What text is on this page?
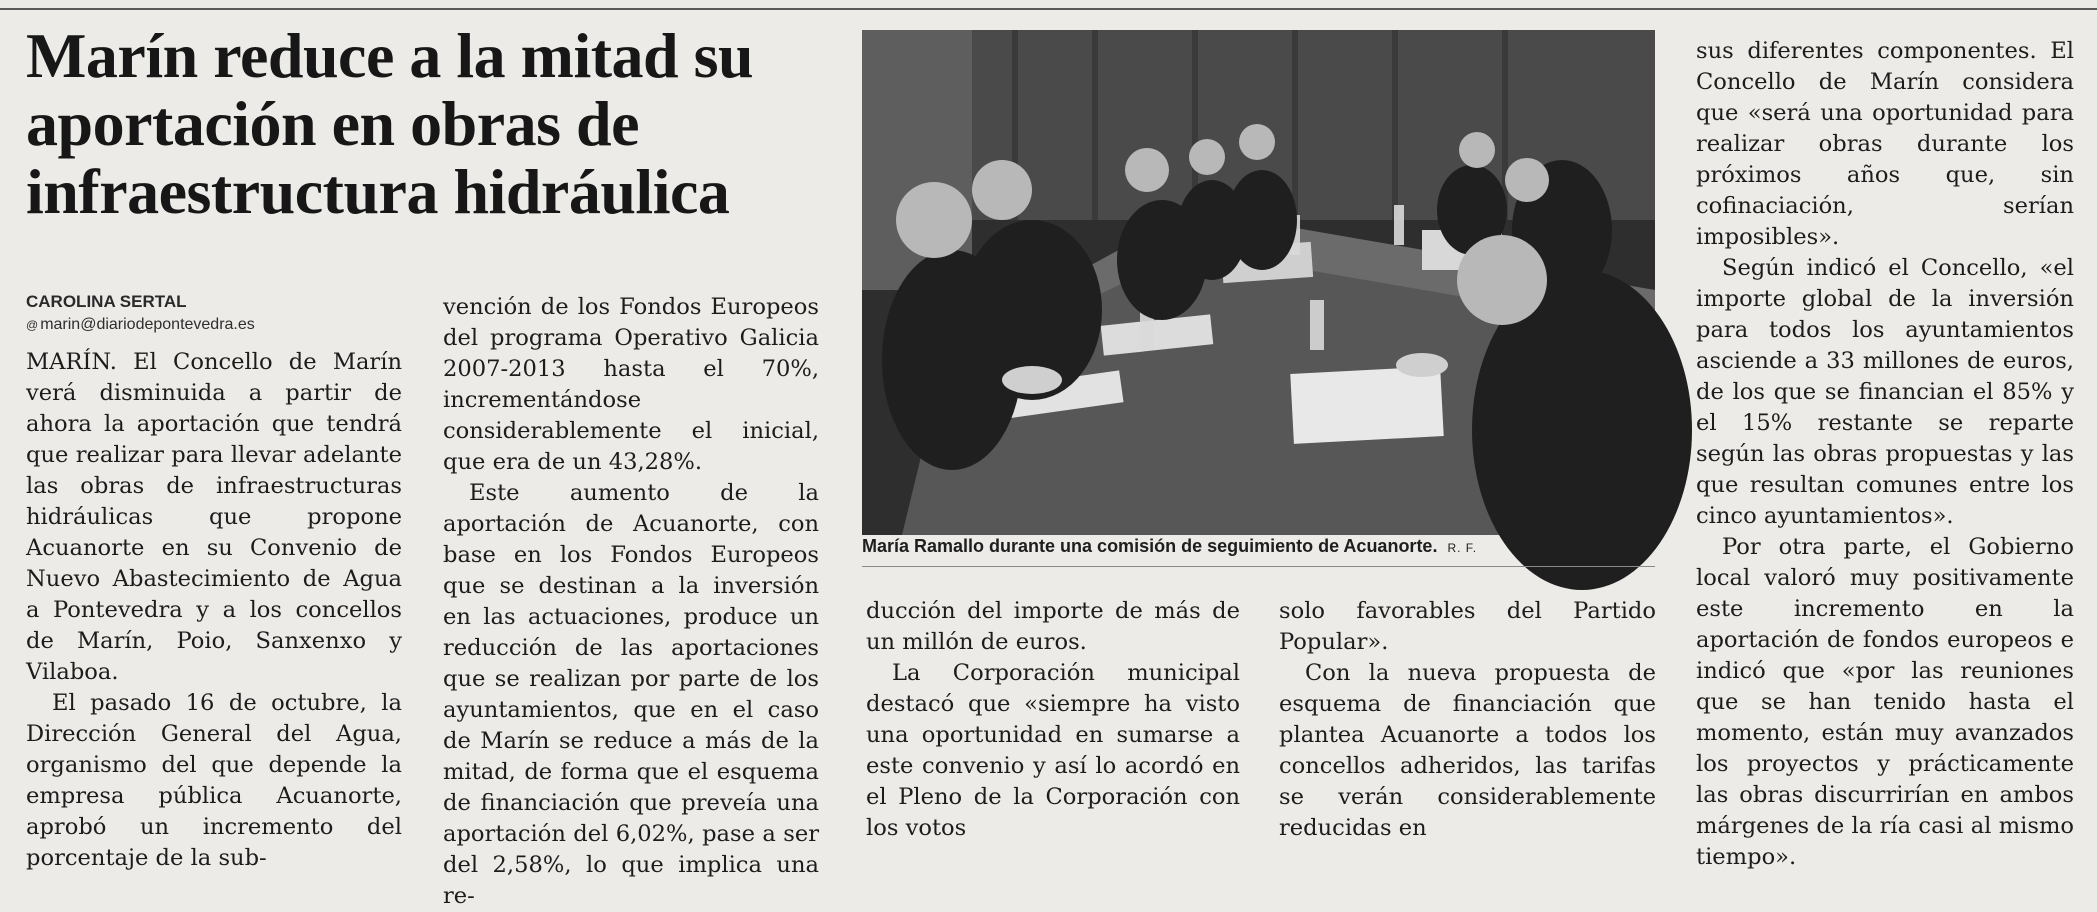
Marín reduce a la mitad su aportación en obras de infraestructura hidráulica
CAROLINA SERTAL
@ marin@diariodepontevedra.es

MARÍN. El Concello de Marín verá disminuida a partir de ahora la aportación que tendrá que realizar para llevar adelante las obras de infraestructuras hidráulicas que propone Acuanorte en su Convenio de Nuevo Abastecimiento de Agua a Pontevedra y a los concellos de Marín, Poio, Sanxenxo y Vilaboa.

El pasado 16 de octubre, la Dirección General del Agua, organismo del que depende la empresa pública Acuanorte, aprobó un incremento del porcentaje de la sub-

vención de los Fondos Europeos del programa Operativo Galicia 2007-2013 hasta el 70%, incrementándose considerablemente el inicial, que era de un 43,28%.

Este aumento de la aportación de Acuanorte, con base en los Fondos Europeos que se destinan a la inversión en las actuaciones, produce un reducción de las aportaciones que se realizan por parte de los ayuntamientos, que en el caso de Marín se reduce a más de la mitad, de forma que el esquema de financiación que preveía una aportación del 6,02%, pase a ser del 2,58%, lo que implica una re-

María Ramallo durante una comisión de seguimiento de Acuanorte. R. F.

ducción del importe de más de un millón de euros.

La Corporación municipal destacó que «siempre ha visto una oportunidad en sumarse a este convenio y así lo acordó en el Pleno de la Corporación con los votos

solo favorables del Partido Popular».

Con la nueva propuesta de esquema de financiación que plantea Acuanorte a todos los concellos adheridos, las tarifas se verán considerablemente reducidas en

sus diferentes componentes. El Concello de Marín considera que «será una oportunidad para realizar obras durante los próximos años que, sin cofinaciación, serían imposibles».

Según indicó el Concello, «el importe global de la inversión para todos los ayuntamientos asciende a 33 millones de euros, de los que se financian el 85% y el 15% restante se reparte según las obras propuestas y las que resultan comunes entre los cinco ayuntamientos».

Por otra parte, el Gobierno local valoró muy positivamente este incremento en la aportación de fondos europeos e indicó que «por las reuniones que se han tenido hasta el momento, están muy avanzados los proyectos y prácticamente las obras discurrirían en ambos márgenes de la ría casi al mismo tiempo».
